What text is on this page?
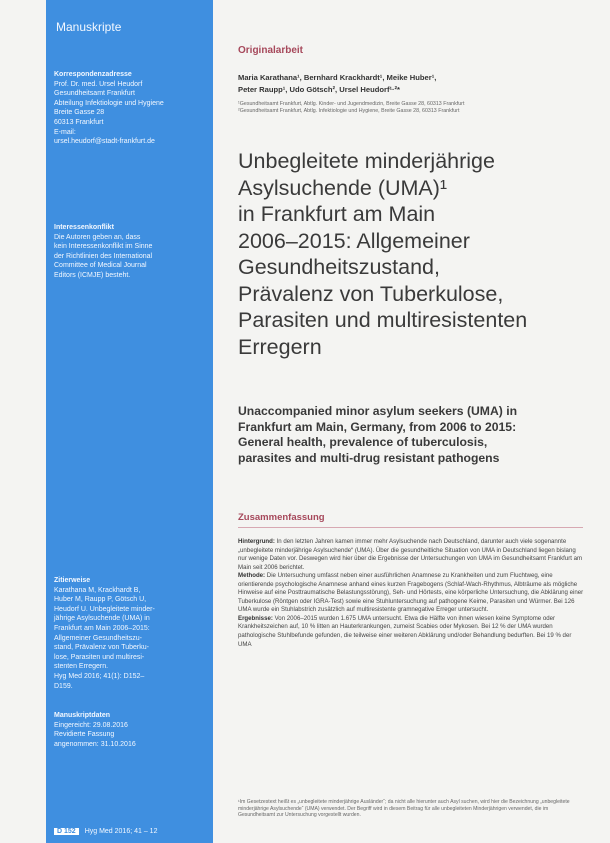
Manuskripte
Korrespondenzadresse
Prof. Dr. med. Ursel Heudorf
Gesundheitsamt Frankfurt
Abteilung Infektiologie und Hygiene
Breite Gasse 28
60313 Frankfurt
E-mail:
ursel.heudorf@stadt-frankfurt.de
Interessenkonflikt
Die Autoren geben an, dass
kein Interessenkonflikt im Sinne
der Richtlinien des International
Committee of Medical Journal
Editors (ICMJE) besteht.
Zitierweise
Karathana M, Krackhardt B,
Huber M, Raupp P, Götsch U,
Heudorf U. Unbegleitete minder-
jährige Asylsuchende (UMA) in
Frankfurt am Main 2006–2015:
Allgemeiner Gesundheitszu-
stand, Prävalenz von Tuberku-
lose, Parasiten und multiresi-
stenten Erregern.
Hyg Med 2016; 41(1): D152–
D159.
Manuskriptdaten
Eingereicht: 29.08.2016
Revidierte Fassung
angenommen: 31.10.2016
D 152	Hyg Med 2016; 41 – 12
Originalarbeit
Maria Karathana¹, Bernhard Krackhardt¹, Meike Huber¹,
Peter Raupp¹, Udo Götsch², Ursel Heudorf¹·²*
¹Gesundheitsamt Frankfurt, Abtlg. Kinder- und Jugendmedizin, Breite Gasse 28, 60313 Frankfurt
²Gesundheitsamt Frankfurt, Abtlg. Infektiologie und Hygiene, Breite Gasse 28, 60313 Frankfurt
Unbegleitete minderjährige
Asylsuchende (UMA)¹
in Frankfurt am Main
2006–2015: Allgemeiner
Gesundheitszustand,
Prävalenz von Tuberkulose,
Parasiten und multiresistenten
Erregern
Unaccompanied minor asylum seekers (UMA) in
Frankfurt am Main, Germany, from 2006 to 2015:
General health, prevalence of tuberculosis,
parasites and multi-drug resistant pathogens
Zusammenfassung
Hintergrund: In den letzten Jahren kamen immer mehr Asylsuchende nach Deutschland, darunter auch viele sogenannte „unbegleitete minderjährige Asylsuchende“ (UMA). Über die gesundheitliche Situation von UMA in Deutschland liegen bislang nur wenige Daten vor. Deswegen wird hier über die Ergebnisse der Untersuchungen von UMA im Gesundheitsamt Frankfurt am Main seit 2006 berichtet.
Methode: Die Untersuchung umfasst neben einer ausführlichen Anamnese zu Krankheiten und zum Fluchtweg, eine orientierende psychologische Anamnese anhand eines kurzen Fragebogens (Schlaf-Wach-Rhythmus, Albträume als mögliche Hinweise auf eine Posttraumatische Belastungsstörung), Seh- und Hörtests, eine körperliche Untersuchung, die Abklärung einer Tuberkulose (Röntgen oder IGRA-Test) sowie eine Stuhluntersuchung auf pathogene Keime, Parasiten und Würmer. Bei 126 UMA wurde ein Stuhlabstrich zusätzlich auf multiresistente gramnegative Erreger untersucht.
Ergebnisse: Von 2006–2015 wurden 1.675 UMA untersucht. Etwa die Hälfte von ihnen wiesen keine Symptome oder Krankheitszeichen auf, 10 % litten an Hauterkrankungen, zumeist Scabies oder Mykosen. Bei 12 % der UMA wurden pathologische Stuhlbefunde gefunden, die teilweise einer weiteren Abklärung und/oder Behandlung bedurften. Bei 19 % der UMA
¹Im Gesetzestext heißt es „unbegleitete minderjährige Ausländer“; da nicht alle hierunter auch Asyl suchen, wird hier die Bezeichnung „unbegleitete minderjährige Asylsuchende“ (UMA) verwendet. Der Begriff wird in diesem Beitrag für alle unbegleiteten Minderjährigen verwendet, die im Gesundheitsamt zur Untersuchung vorgestellt wurden.
